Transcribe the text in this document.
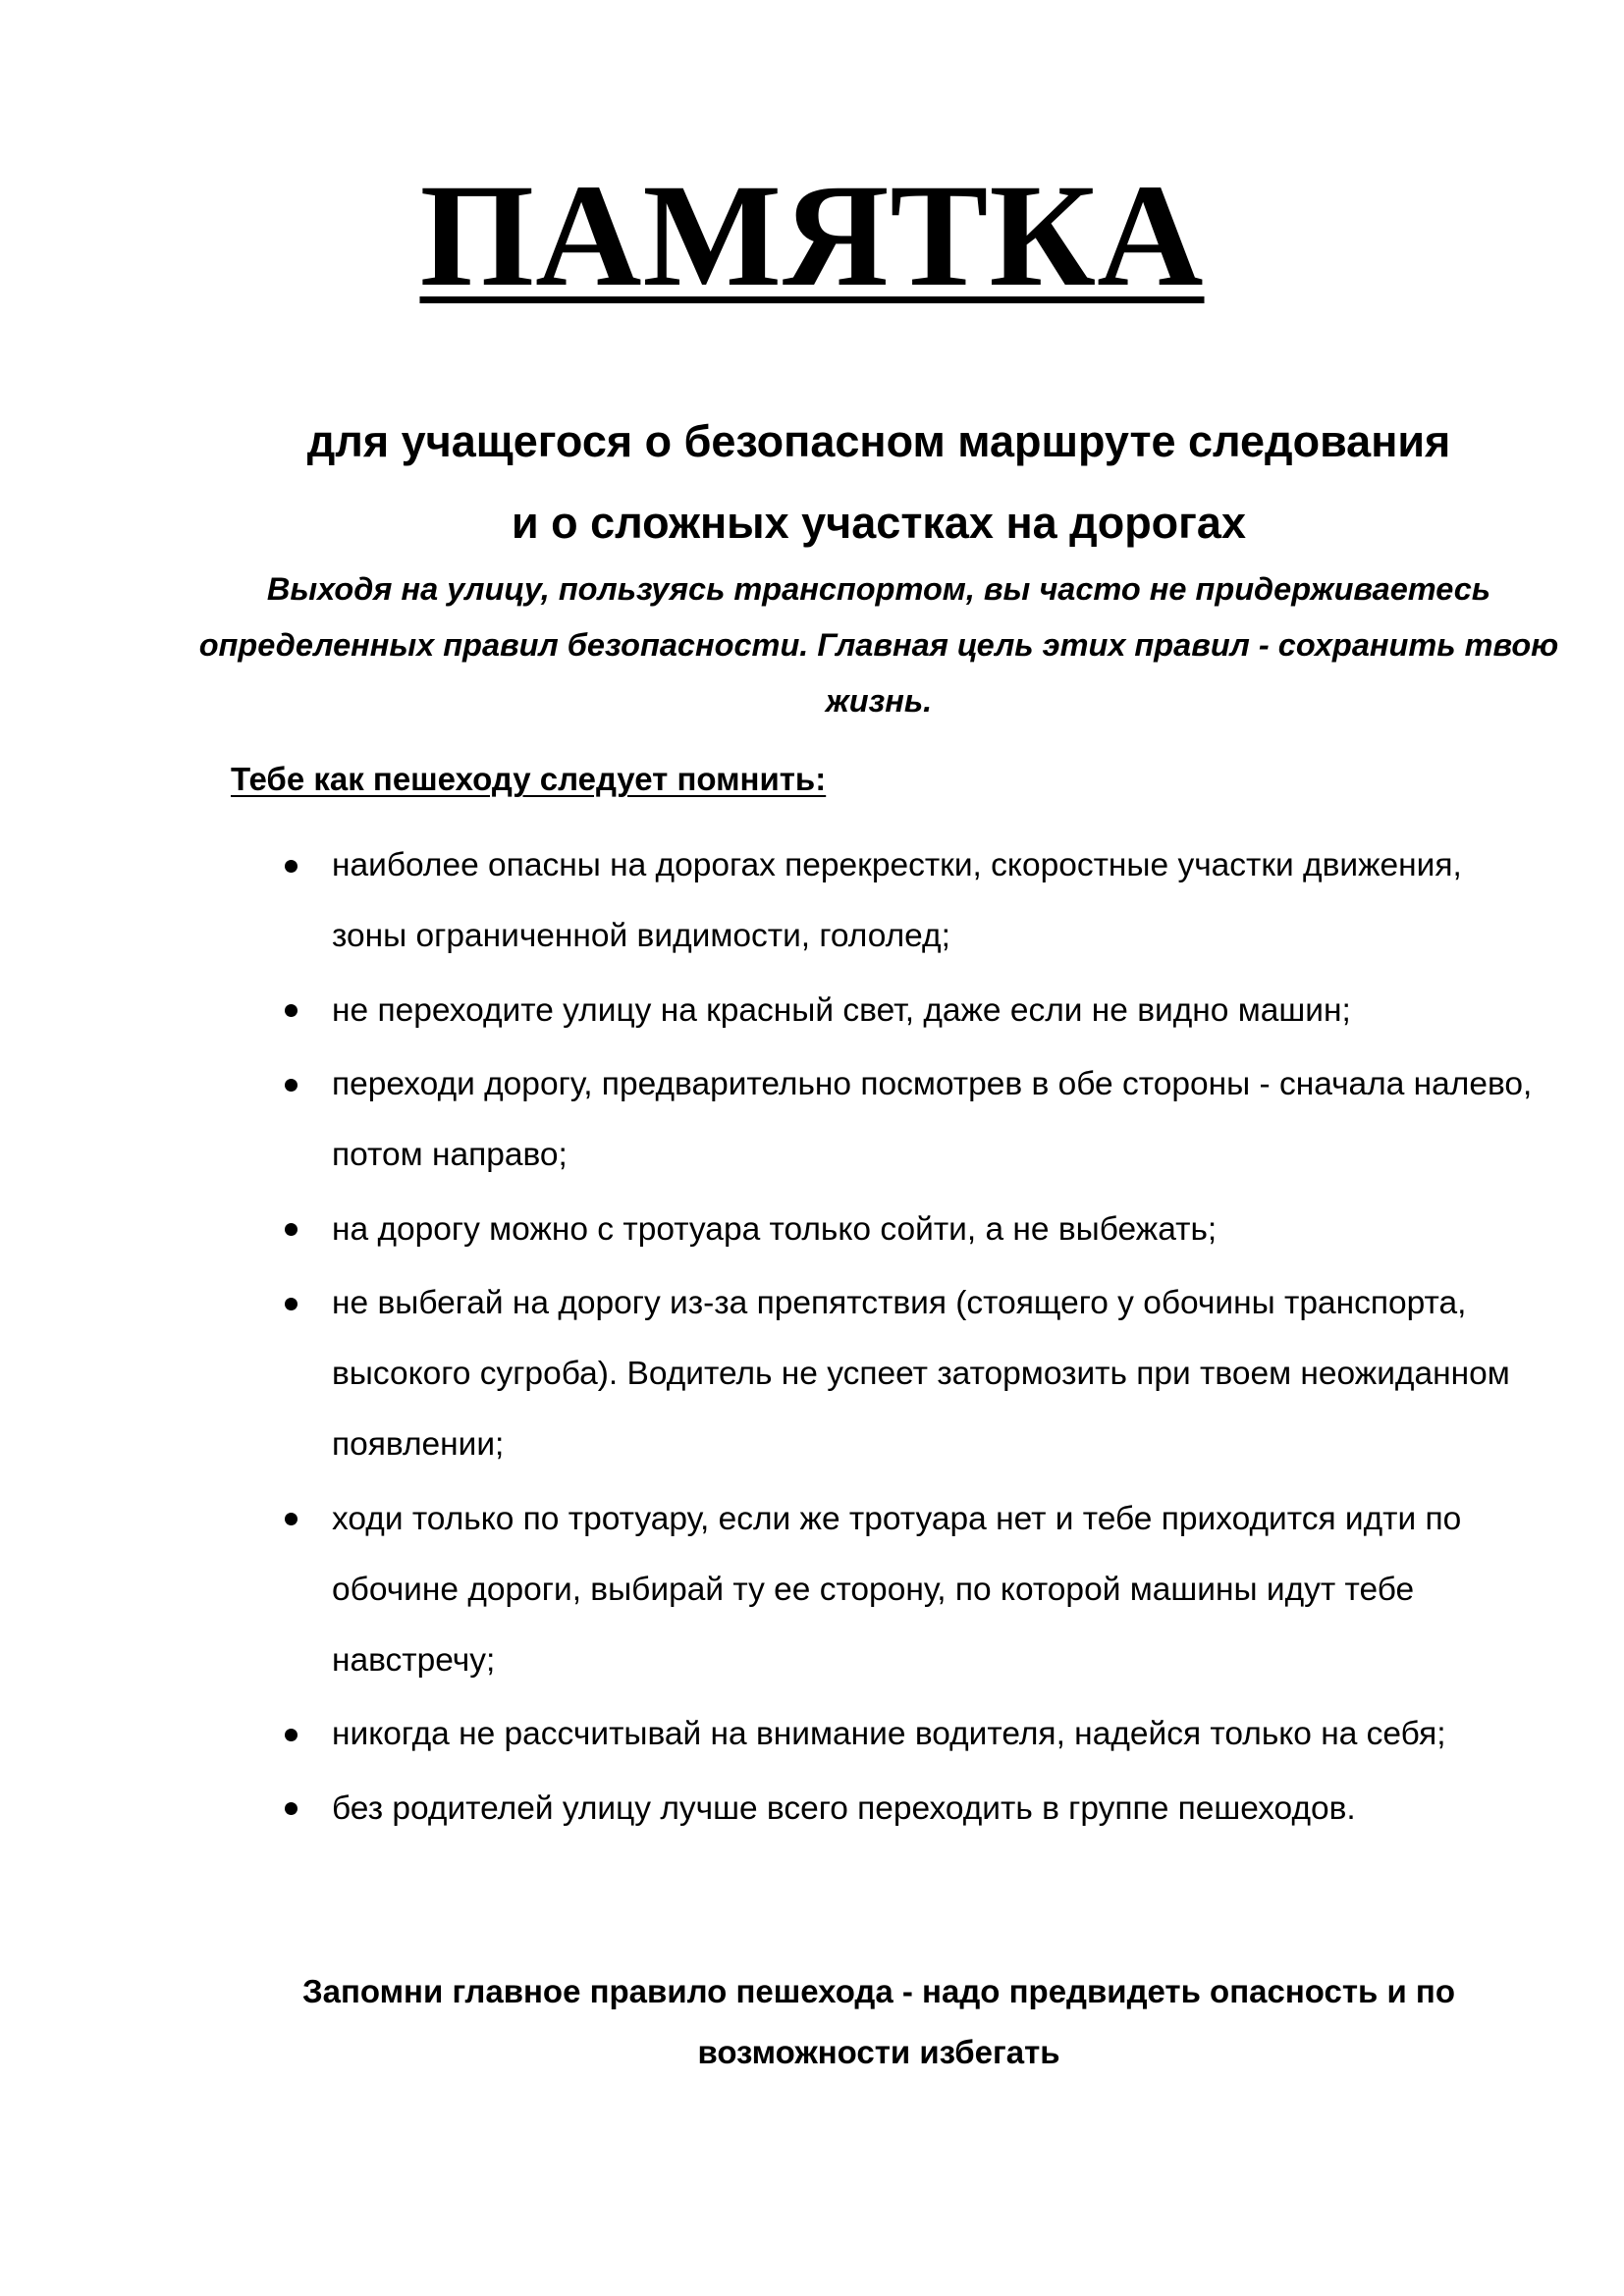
ПАМЯТКА
для учащегося о безопасном маршруте следования
и о сложных участках на дорогах

Выходя на улицу, пользуясь транспортом, вы часто не придерживаетесь определенных правил безопасности. Главная цель этих правил - сохранить твою жизнь.

Тебе как пешеходу следует помнить:

наиболее опасны на дорогах перекрестки, скоростные участки движения, зоны ограниченной видимости, гололед;
не переходите улицу на красный свет, даже если не видно машин;
переходи дорогу, предварительно посмотрев в обе стороны - сначала налево, потом направо;
на дорогу можно с тротуара только сойти, а не выбежать;
не выбегай на дорогу из-за препятствия (стоящего у обочины транспорта, высокого сугроба). Водитель не успеет затормозить при твоем неожиданном появлении;
ходи только по тротуару, если же тротуара нет и тебе приходится идти по обочине дороги, выбирай ту ее сторону, по которой машины идут тебе навстречу;
никогда не рассчитывай на внимание водителя, надейся только на себя;
без родителей улицу лучше всего переходить в группе пешеходов.

Запомни главное правило пешехода - надо предвидеть опасность и по возможности избегать
